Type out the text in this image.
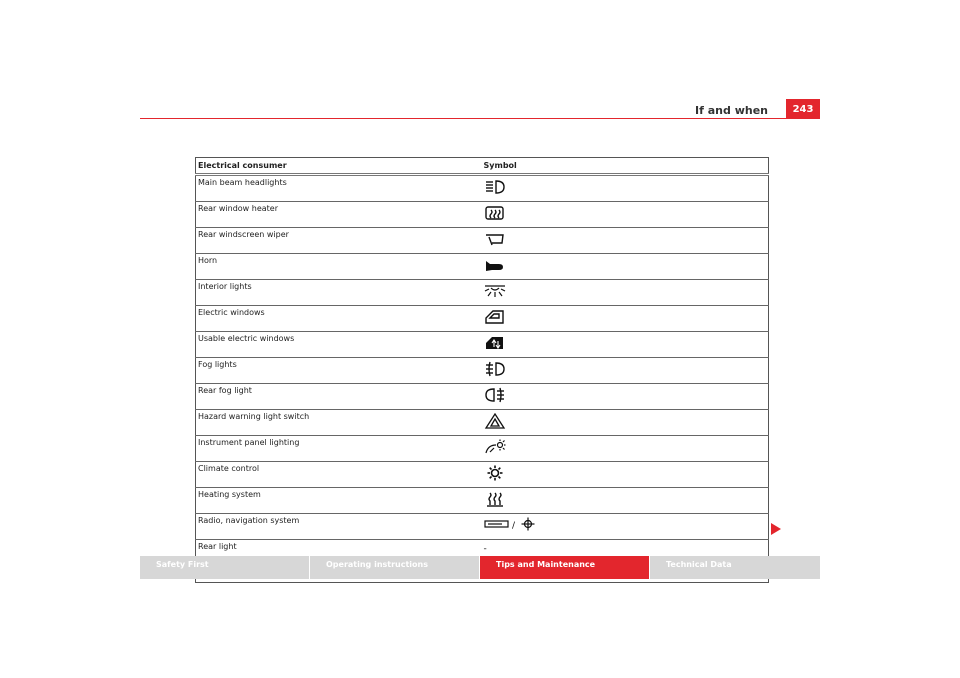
If and when	243
Electrical consumer	Symbol
Main beam headlights	

Rear window heater	

Rear windscreen wiper	

Horn	

Interior lights	

Electric windows	

Usable electric windows	

Fog lights	

Rear fog light	

Hazard warning light switch	

Instrument panel lighting	

Climate control	

Heating system	

Radio, navigation system	/

Rear light	-

Safety First	Operating instructions	Tips and Maintenance	Technical Data
